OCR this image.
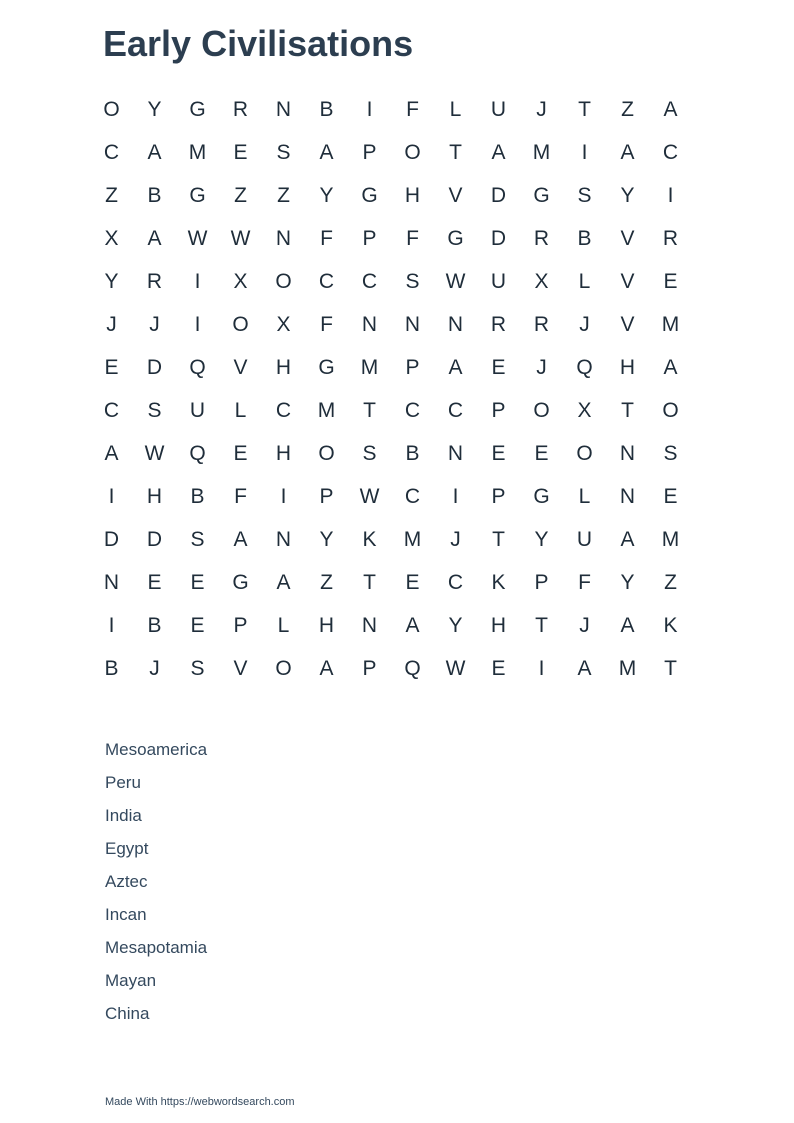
Early Civilisations
O	Y	G	R	N	B	I	F	L	U	J	T	Z	A
C	A	M	E	S	A	P	O	T	A	M	I	A	C
Z	B	G	Z	Z	Y	G	H	V	D	G	S	Y	I
X	A	W	W	N	F	P	F	G	D	R	B	V	R
Y	R	I	X	O	C	C	S	W	U	X	L	V	E
J	J	I	O	X	F	N	N	N	R	R	J	V	M
E	D	Q	V	H	G	M	P	A	E	J	Q	H	A
C	S	U	L	C	M	T	C	C	P	O	X	T	O
A	W	Q	E	H	O	S	B	N	E	E	O	N	S
I	H	B	F	I	P	W	C	I	P	G	L	N	E
D	D	S	A	N	Y	K	M	J	T	Y	U	A	M
N	E	E	G	A	Z	T	E	C	K	P	F	Y	Z
I	B	E	P	L	H	N	A	Y	H	T	J	A	K
B	J	S	V	O	A	P	Q	W	E	I	A	M	T
Mesoamerica
Peru
India
Egypt
Aztec
Incan
Mesapotamia
Mayan
China
Made With https://webwordsearch.com
